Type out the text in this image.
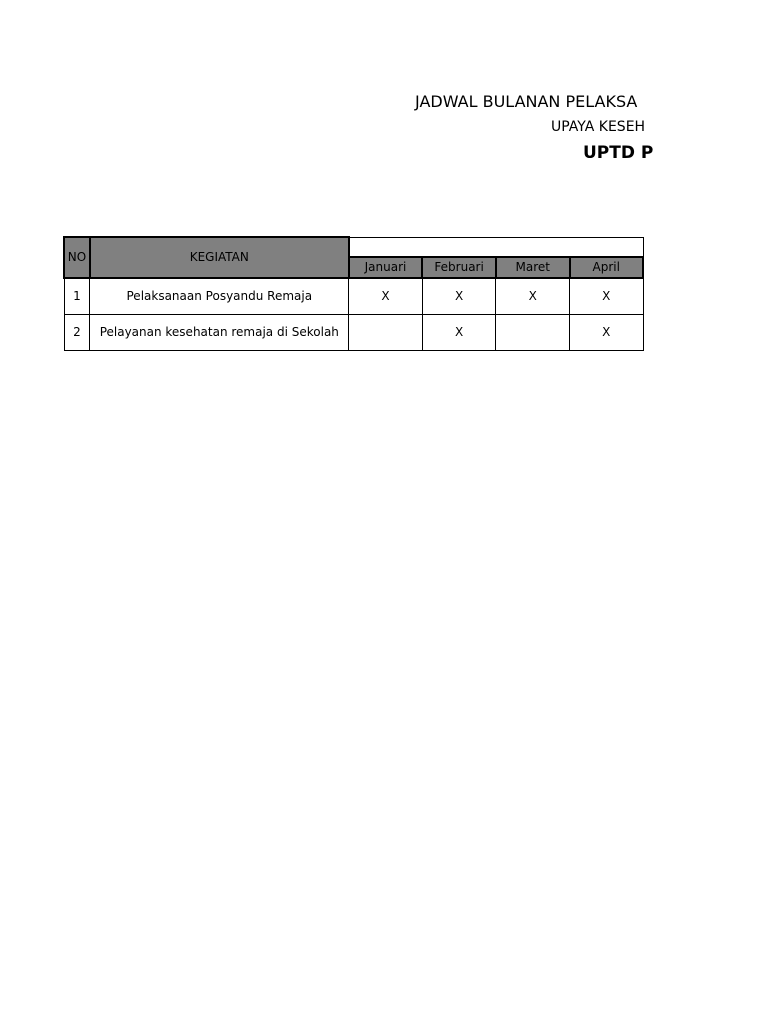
JADWAL BULANAN PELAKSA
UPAYA KESEH
UPTD P
NO	KEGIATAN				
		Januari	Februari	Maret	April
1	Pelaksanaan Posyandu Remaja	X	X	X	X
2	Pelayanan kesehatan remaja di Sekolah		X		X
